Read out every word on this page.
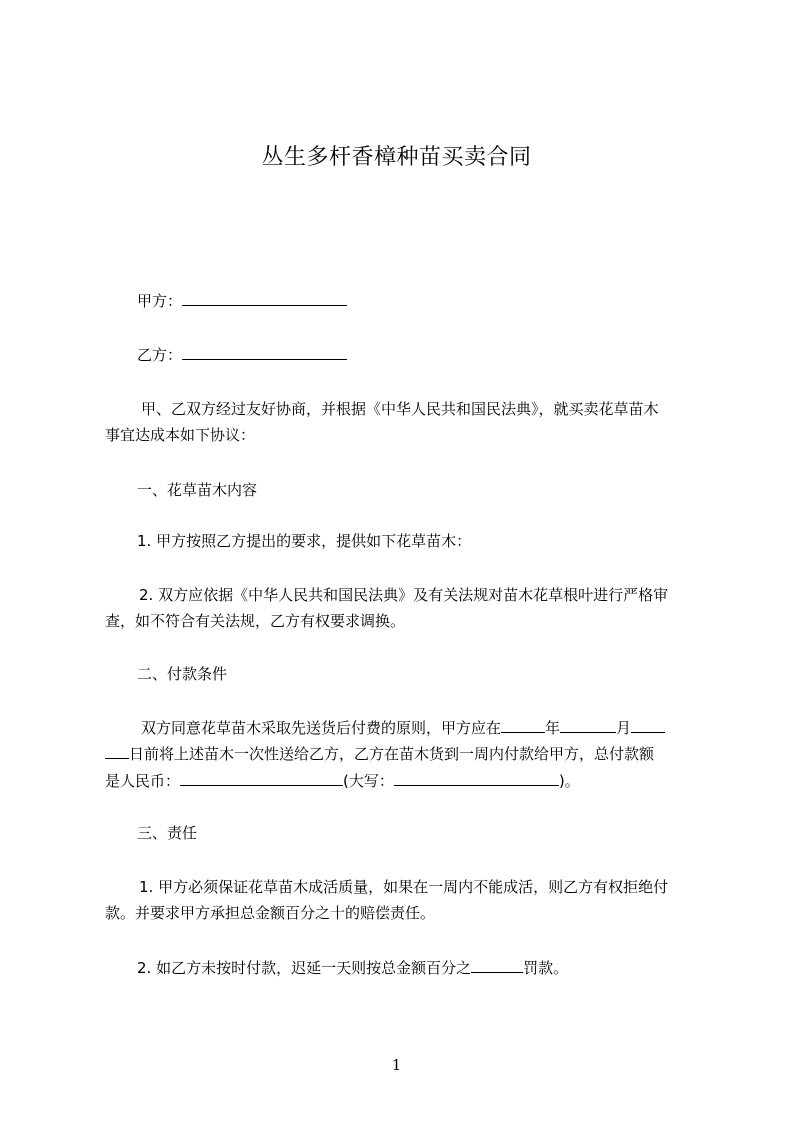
丛生多杆香樟种苗买卖合同
甲方：
乙方：
甲、乙双方经过友好协商，并根据《中华人民共和国民法典》，就买卖花草苗木
事宜达成本如下协议：
一、花草苗木内容
1. 甲方按照乙方提出的要求，提供如下花草苗木：
2. 双方应依据《中华人民共和国民法典》及有关法规对苗木花草根叶进行严格审
查，如不符合有关法规，乙方有权要求调换。
二、付款条件
双方同意花草苗木采取先送货后付费的原则，甲方应在	年	月
日前将上述苗木一次性送给乙方，乙方在苗木货到一周内付款给甲方，总付款额
是人民币：	(大写：	)。
三、责任
1. 甲方必须保证花草苗木成活质量，如果在一周内不能成活，则乙方有权拒绝付
款。并要求甲方承担总金额百分之十的赔偿责任。
2. 如乙方未按时付款，迟延一天则按总金额百分之	罚款。
1
